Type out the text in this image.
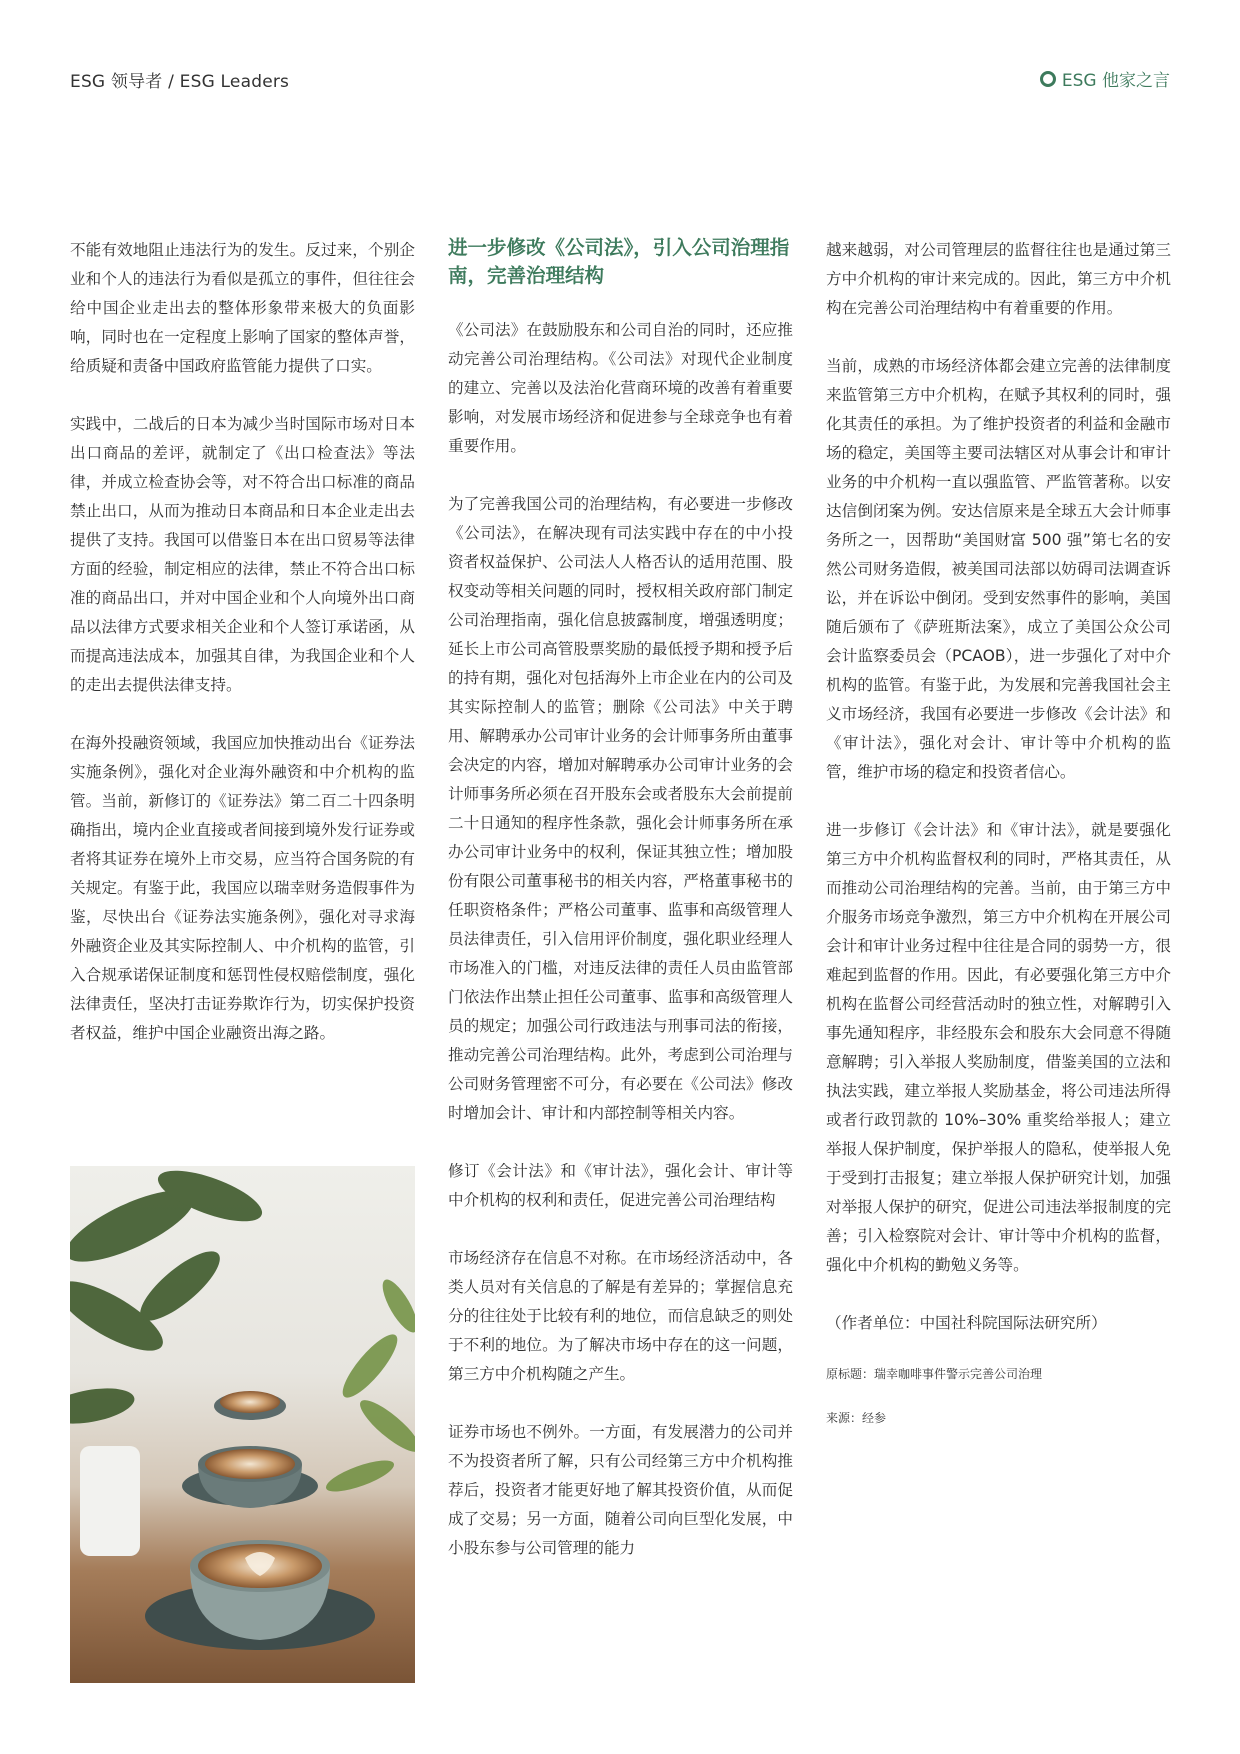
ESG 领导者 / ESG Leaders	ESG 他家之言

不能有效地阻止违法行为的发生。反过来，个别企业和个人的违法行为看似是孤立的事件，但往往会给中国企业走出去的整体形象带来极大的负面影响，同时也在一定程度上影响了国家的整体声誉，给质疑和责备中国政府监管能力提供了口实。

实践中，二战后的日本为减少当时国际市场对日本出口商品的差评，就制定了《出口检查法》等法律，并成立检查协会等，对不符合出口标准的商品禁止出口，从而为推动日本商品和日本企业走出去提供了支持。我国可以借鉴日本在出口贸易等法律方面的经验，制定相应的法律，禁止不符合出口标准的商品出口，并对中国企业和个人向境外出口商品以法律方式要求相关企业和个人签订承诺函，从而提高违法成本，加强其自律，为我国企业和个人的走出去提供法律支持。

在海外投融资领域，我国应加快推动出台《证券法实施条例》，强化对企业海外融资和中介机构的监管。当前，新修订的《证券法》第二百二十四条明确指出，境内企业直接或者间接到境外发行证券或者将其证券在境外上市交易，应当符合国务院的有关规定。有鉴于此，我国应以瑞幸财务造假事件为鉴，尽快出台《证券法实施条例》，强化对寻求海外融资企业及其实际控制人、中介机构的监管，引入合规承诺保证制度和惩罚性侵权赔偿制度，强化法律责任，坚决打击证券欺诈行为，切实保护投资者权益，维护中国企业融资出海之路。

进一步修改《公司法》，引入公司治理指南，完善治理结构

《公司法》在鼓励股东和公司自治的同时，还应推动完善公司治理结构。《公司法》对现代企业制度的建立、完善以及法治化营商环境的改善有着重要影响，对发展市场经济和促进参与全球竞争也有着重要作用。

为了完善我国公司的治理结构，有必要进一步修改《公司法》，在解决现有司法实践中存在的中小投资者权益保护、公司法人人格否认的适用范围、股权变动等相关问题的同时，授权相关政府部门制定公司治理指南，强化信息披露制度，增强透明度；延长上市公司高管股票奖励的最低授予期和授予后的持有期，强化对包括海外上市企业在内的公司及其实际控制人的监管；删除《公司法》中关于聘用、解聘承办公司审计业务的会计师事务所由董事会决定的内容，增加对解聘承办公司审计业务的会计师事务所必须在召开股东会或者股东大会前提前二十日通知的程序性条款，强化会计师事务所在承办公司审计业务中的权利，保证其独立性；增加股份有限公司董事秘书的相关内容，严格董事秘书的任职资格条件；严格公司董事、监事和高级管理人员法律责任，引入信用评价制度，强化职业经理人市场准入的门槛，对违反法律的责任人员由监管部门依法作出禁止担任公司董事、监事和高级管理人员的规定；加强公司行政违法与刑事司法的衔接，推动完善公司治理结构。此外，考虑到公司治理与公司财务管理密不可分，有必要在《公司法》修改时增加会计、审计和内部控制等相关内容。

修订《会计法》和《审计法》，强化会计、审计等中介机构的权利和责任，促进完善公司治理结构

市场经济存在信息不对称。在市场经济活动中，各类人员对有关信息的了解是有差异的；掌握信息充分的往往处于比较有利的地位，而信息缺乏的则处于不利的地位。为了解决市场中存在的这一问题，第三方中介机构随之产生。

证券市场也不例外。一方面，有发展潜力的公司并不为投资者所了解，只有公司经第三方中介机构推荐后，投资者才能更好地了解其投资价值，从而促成了交易；另一方面，随着公司向巨型化发展，中小股东参与公司管理的能力

越来越弱，对公司管理层的监督往往也是通过第三方中介机构的审计来完成的。因此，第三方中介机构在完善公司治理结构中有着重要的作用。

当前，成熟的市场经济体都会建立完善的法律制度来监管第三方中介机构，在赋予其权利的同时，强化其责任的承担。为了维护投资者的利益和金融市场的稳定，美国等主要司法辖区对从事会计和审计业务的中介机构一直以强监管、严监管著称。以安达信倒闭案为例。安达信原来是全球五大会计师事务所之一，因帮助“美国财富 500 强”第七名的安然公司财务造假，被美国司法部以妨碍司法调查诉讼，并在诉讼中倒闭。受到安然事件的影响，美国随后颁布了《萨班斯法案》，成立了美国公众公司会计监察委员会（PCAOB），进一步强化了对中介机构的监管。有鉴于此，为发展和完善我国社会主义市场经济，我国有必要进一步修改《会计法》和《审计法》，强化对会计、审计等中介机构的监管，维护市场的稳定和投资者信心。

进一步修订《会计法》和《审计法》，就是要强化第三方中介机构监督权利的同时，严格其责任，从而推动公司治理结构的完善。当前，由于第三方中介服务市场竞争激烈，第三方中介机构在开展公司会计和审计业务过程中往往是合同的弱势一方，很难起到监督的作用。因此，有必要强化第三方中介机构在监督公司经营活动时的独立性，对解聘引入事先通知程序，非经股东会和股东大会同意不得随意解聘；引入举报人奖励制度，借鉴美国的立法和执法实践，建立举报人奖励基金，将公司违法所得或者行政罚款的 10%–30% 重奖给举报人；建立举报人保护制度，保护举报人的隐私，使举报人免于受到打击报复；建立举报人保护研究计划，加强对举报人保护的研究，促进公司违法举报制度的完善；引入检察院对会计、审计等中介机构的监督，强化中介机构的勤勉义务等。

（作者单位：中国社科院国际法研究所）

原标题：瑞幸咖啡事件警示完善公司治理

来源：经参
